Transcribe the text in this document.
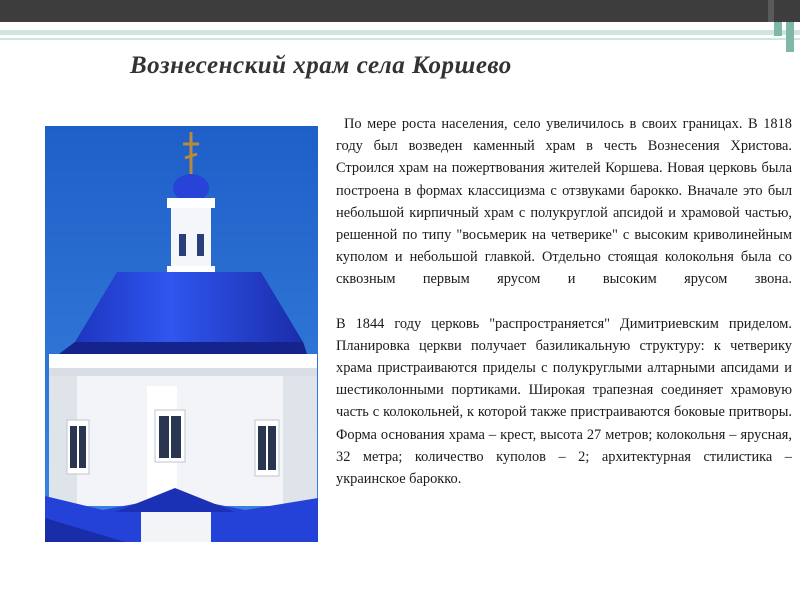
Вознесенский храм села Коршево

По мере роста населения, село увеличилось в своих границах. В 1818 году был возведен каменный храм в честь Вознесения Христова. Строился храм на пожертвования жителей Коршева. Новая церковь была построена в формах классицизма с отзвуками барокко. Вначале это был небольшой кирпичный храм с полукруглой апсидой и храмовой частью, решенной по типу "восьмерик на четверике" с высоким криволинейным куполом и небольшой главкой. Отдельно стоящая колокольня была со сквозным первым ярусом и высоким ярусом звона.

В 1844 году церковь "распространяется" Димитриевским приделом. Планировка церкви получает базиликальную структуру: к четверику храма пристраиваются приделы с полукруглыми алтарными апсидами и шестиколонными портиками. Широкая трапезная соединяет храмовую часть с колокольней, к которой также пристраиваются боковые притворы. Форма основания храма – крест, высота 27 метров; колокольня – ярусная, 32 метра; количество куполов – 2; архитектурная стилистика – украинское барокко.
